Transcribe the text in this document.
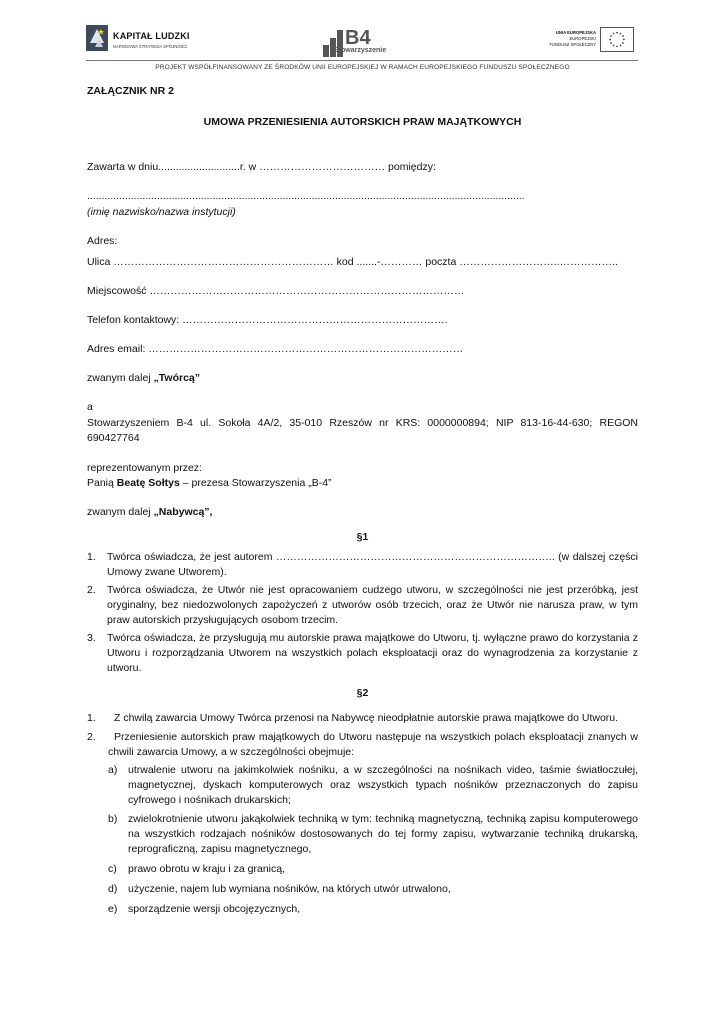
KAPITAŁ LUDZKI
NARODOWA STRATEGIA SPÓJNOŚCI	B4
Stowarzyszenie
UNIA EUROPEJSKA
EUROPEJSKI
FUNDUSZ SPOŁECZNY
PROJEKT WSPÓŁFINANSOWANY ZE ŚRODKÓW UNII EUROPEJSKIEJ W RAMACH EUROPEJSKIEGO FUNDUSZU SPOŁECZNEGO
ZAŁĄCZNIK NR 2
UMOWA PRZENIESIENIA AUTORSKICH PRAW MAJĄTKOWYCH
Zawarta w dniu............................r. w ……………………………… pomiędzy:
......................................................................................................................................................
(imię nazwisko/nazwa instytucji)
Adres:
Ulica ……………………………………………………… kod .......-………… poczta ………………………..……………..
Miejscowość ………………………………………………………………………………
Telefon kontaktowy: ………………………………………………………………….
Adres email: ………………………………………………………………………………
zwanym dalej „Twórcą”
a
Stowarzyszeniem B-4 ul. Sokoła 4A/2, 35-010 Rzeszów nr KRS: 0000000894; NIP 813-16-44-630; REGON 690427764
reprezentowanym przez:
Panią Beatę Sołtys – prezesa Stowarzyszenia „B-4”
zwanym dalej „Nabywcą”,
§1
1.	Twórca oświadcza, że jest autorem …………………………………………………………………….. (w dalszej części Umowy zwane Utworem).
2.	Twórca oświadcza, że Utwór nie jest opracowaniem cudzego utworu, w szczególności nie jest przeróbką, jest oryginalny, bez niedozwolonych zapożyczeń z utworów osób trzecich, oraz że Utwór nie narusza praw, w tym praw autorskich przysługujących osobom trzecim.
3.	Twórca oświadcza, że przysługują mu autorskie prawa majątkowe do Utworu, tj. wyłączne prawo do korzystania z Utworu i rozporządzania Utworem na wszystkich polach eksploatacji oraz do wynagrodzenia za korzystanie z utworu.
§2
1.	Z chwilą zawarcia Umowy Twórca przenosi na Nabywcę nieodpłatnie autorskie prawa majątkowe do Utworu.
2.	Przeniesienie autorskich praw majątkowych do Utworu następuje na wszystkich polach eksploatacji znanych w chwili zawarcia Umowy, a w szczególności obejmuje:
a)	utrwalenie utworu na jakimkolwiek nośniku, a w szczególności na nośnikach video, taśmie światłoczułej, magnetycznej, dyskach komputerowych oraz wszystkich typach nośników przeznaczonych do zapisu cyfrowego i nośnikach drukarskich;
b)	zwielokrotnienie utworu jakąkolwiek techniką w tym: techniką magnetyczną, techniką zapisu komputerowego na wszystkich rodzajach nośników dostosowanych do tej formy zapisu, wytwarzanie techniką drukarską, reprograficzną, zapisu magnetycznego,
c)	prawo obrotu w kraju i za granicą,
d)	użyczenie, najem lub wymiana nośników, na których utwór utrwalono,
e)	sporządzenie wersji obcojęzycznych,
